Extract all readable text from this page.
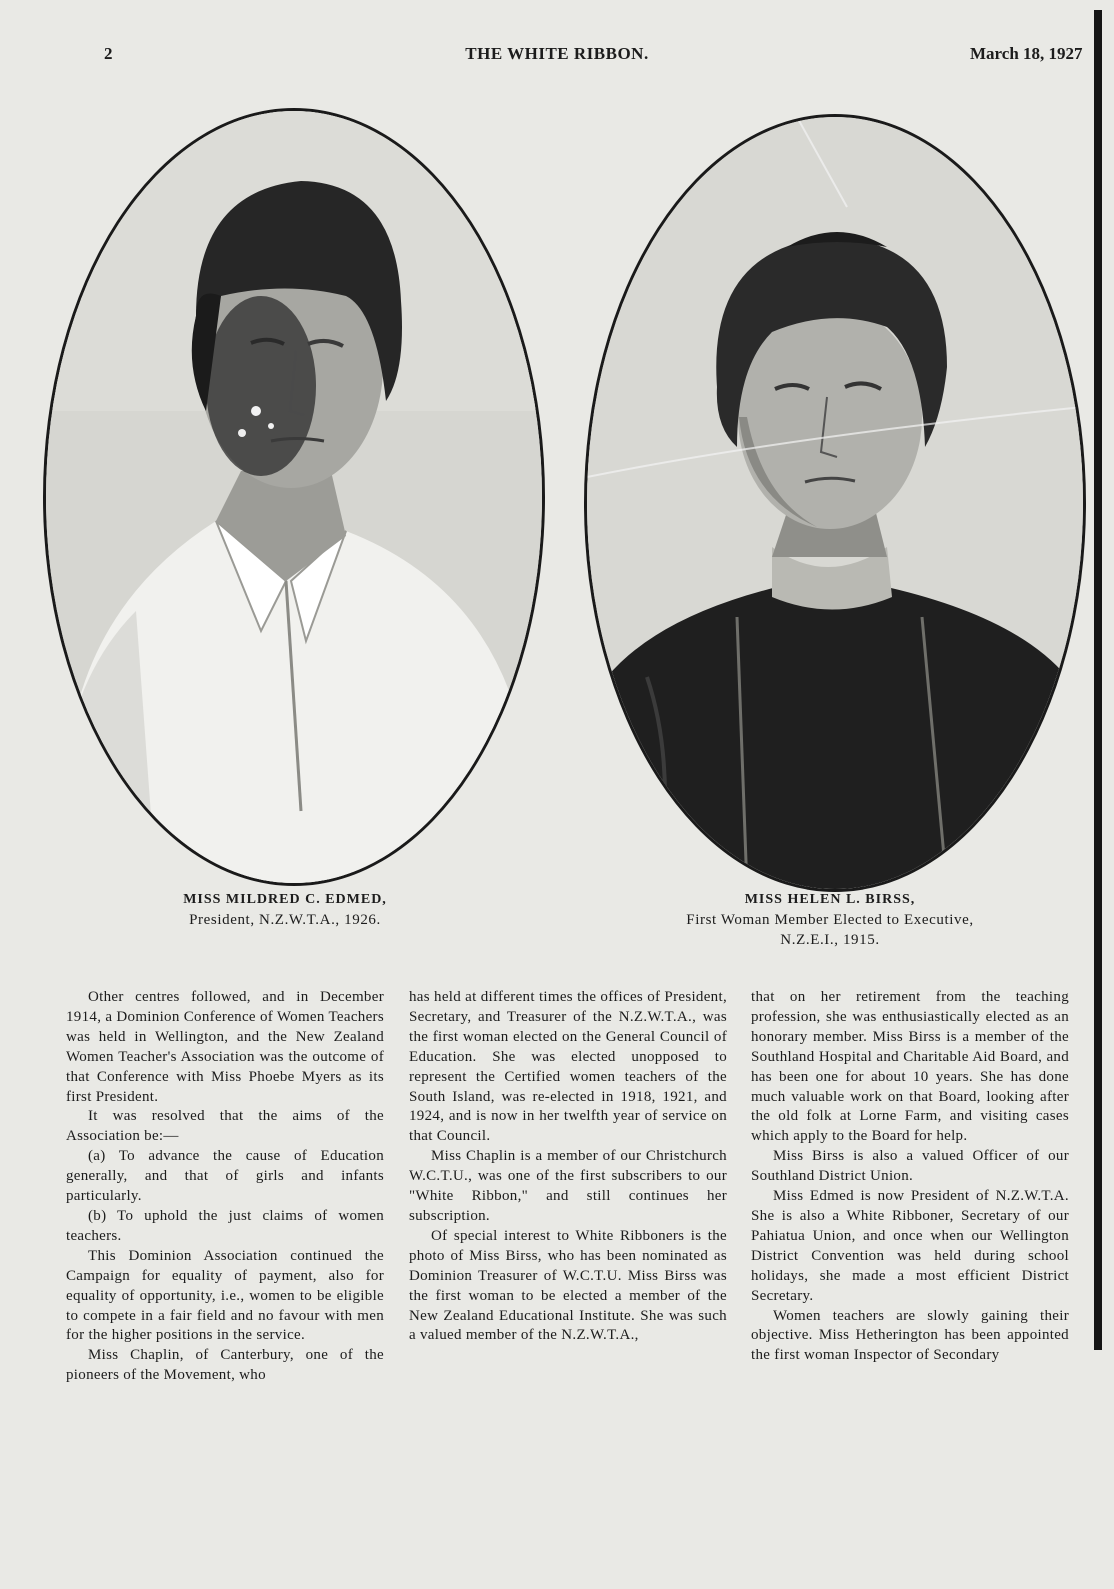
2	THE WHITE RIBBON.	March 18, 1927
MISS MILDRED C. EDMED,
President, N.Z.W.T.A., 1926.
MISS HELEN L. BIRSS,
First Woman Member Elected to Executive,
N.Z.E.I., 1915.

Other centres followed, and in December 1914, a Dominion Conference of Women Teachers was held in Wellington, and the New Zealand Women Teacher's Association was the outcome of that Conference with Miss Phoebe Myers as its first President.

It was resolved that the aims of the Association be:—

(a) To advance the cause of Education generally, and that of girls and infants particularly.

(b) To uphold the just claims of women teachers.

This Dominion Association continued the Campaign for equality of payment, also for equality of opportunity, i.e., women to be eligible to compete in a fair field and no favour with men for the higher positions in the service.

Miss Chaplin, of Canterbury, one of the pioneers of the Movement, who

has held at different times the offices of President, Secretary, and Treasurer of the N.Z.W.T.A., was the first woman elected on the General Council of Education. She was elected unopposed to represent the Certified women teachers of the South Island, was re-elected in 1918, 1921, and 1924, and is now in her twelfth year of service on that Council.

Miss Chaplin is a member of our Christchurch W.C.T.U., was one of the first subscribers to our "White Ribbon," and still continues her subscription.

Of special interest to White Ribboners is the photo of Miss Birss, who has been nominated as Dominion Treasurer of W.C.T.U. Miss Birss was the first woman to be elected a member of the New Zealand Educational Institute. She was such a valued member of the N.Z.W.T.A.,

that on her retirement from the teaching profession, she was enthusiastically elected as an honorary member. Miss Birss is a member of the Southland Hospital and Charitable Aid Board, and has been one for about 10 years. She has done much valuable work on that Board, looking after the old folk at Lorne Farm, and visiting cases which apply to the Board for help.

Miss Birss is also a valued Officer of our Southland District Union.

Miss Edmed is now President of N.Z.W.T.A. She is also a White Ribboner, Secretary of our Pahiatua Union, and once when our Wellington District Convention was held during school holidays, she made a most efficient District Secretary.

Women teachers are slowly gaining their objective. Miss Hetherington has been appointed the first woman Inspector of Secondary
